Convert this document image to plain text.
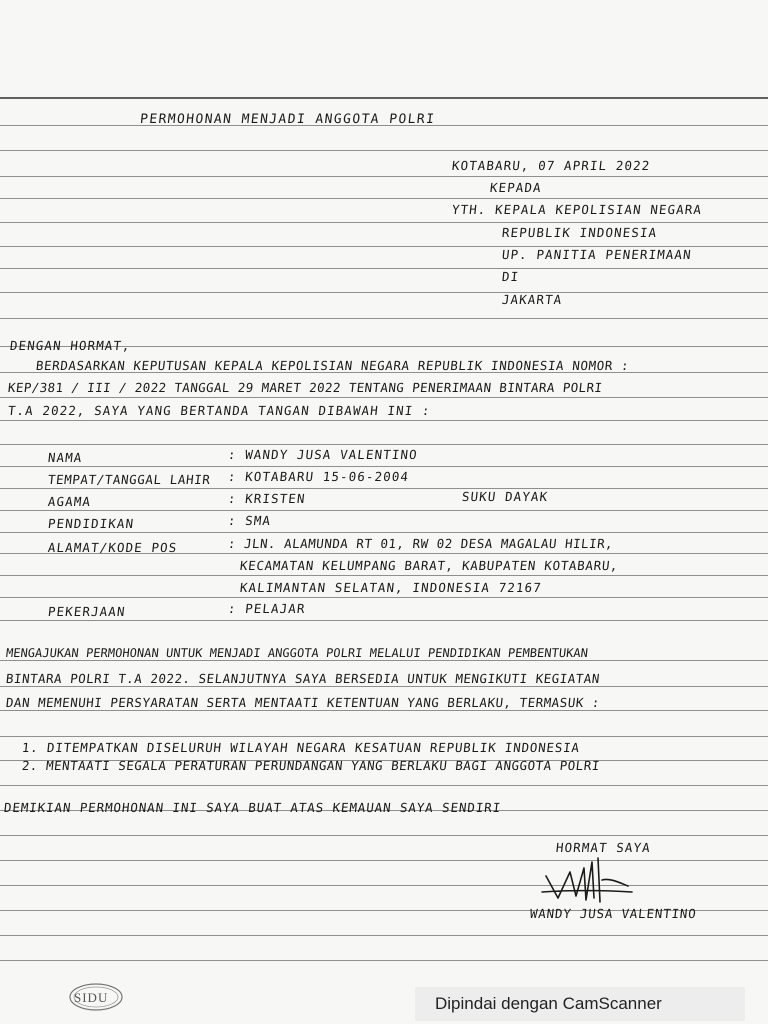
PERMOHONAN MENJADI ANGGOTA POLRI
KOTABARU, 07 APRIL 2022
KEPADA
YTH. KEPALA KEPOLISIAN NEGARA
REPUBLIK INDONESIA
UP. PANITIA PENERIMAAN
DI
JAKARTA
DENGAN HORMAT,
BERDASARKAN KEPUTUSAN KEPALA KEPOLISIAN NEGARA REPUBLIK INDONESIA NOMOR :
KEP/381 / III / 2022 TANGGAL 29 MARET 2022 TENTANG PENERIMAAN BINTARA POLRI
T.A 2022, SAYA YANG BERTANDA TANGAN DIBAWAH INI :
NAMA	: WANDY JUSA VALENTINO
TEMPAT/TANGGAL LAHIR : KOTABARU 15-06-2004
AGAMA	: KRISTEN	SUKU DAYAK
PENDIDIKAN	: SMA
ALAMAT/KODE POS	: JLN. ALAMUNDA RT 01, RW 02 DESA MAGALAU HILIR,
KECAMATAN KELUMPANG BARAT, KABUPATEN KOTABARU,
KALIMANTAN SELATAN, INDONESIA 72167
PEKERJAAN	: PELAJAR
MENGAJUKAN PERMOHONAN UNTUK MENJADI ANGGOTA POLRI MELALUI PENDIDIKAN PEMBENTUKAN
BINTARA POLRI T.A 2022. SELANJUTNYA SAYA BERSEDIA UNTUK MENGIKUTI KEGIATAN
DAN MEMENUHI PERSYARATAN SERTA MENTAATI KETENTUAN YANG BERLAKU, TERMASUK :
1. DITEMPATKAN DISELURUH WILAYAH NEGARA KESATUAN REPUBLIK INDONESIA
2. MENTAATI SEGALA PERATURAN PERUNDANGAN YANG BERLAKU BAGI ANGGOTA POLRI
DEMIKIAN PERMOHONAN INI SAYA BUAT ATAS KEMAUAN SAYA SENDIRI
HORMAT SAYA
WANDY JUSA VALENTINO
SIDU	Dipindai dengan CamScanner
